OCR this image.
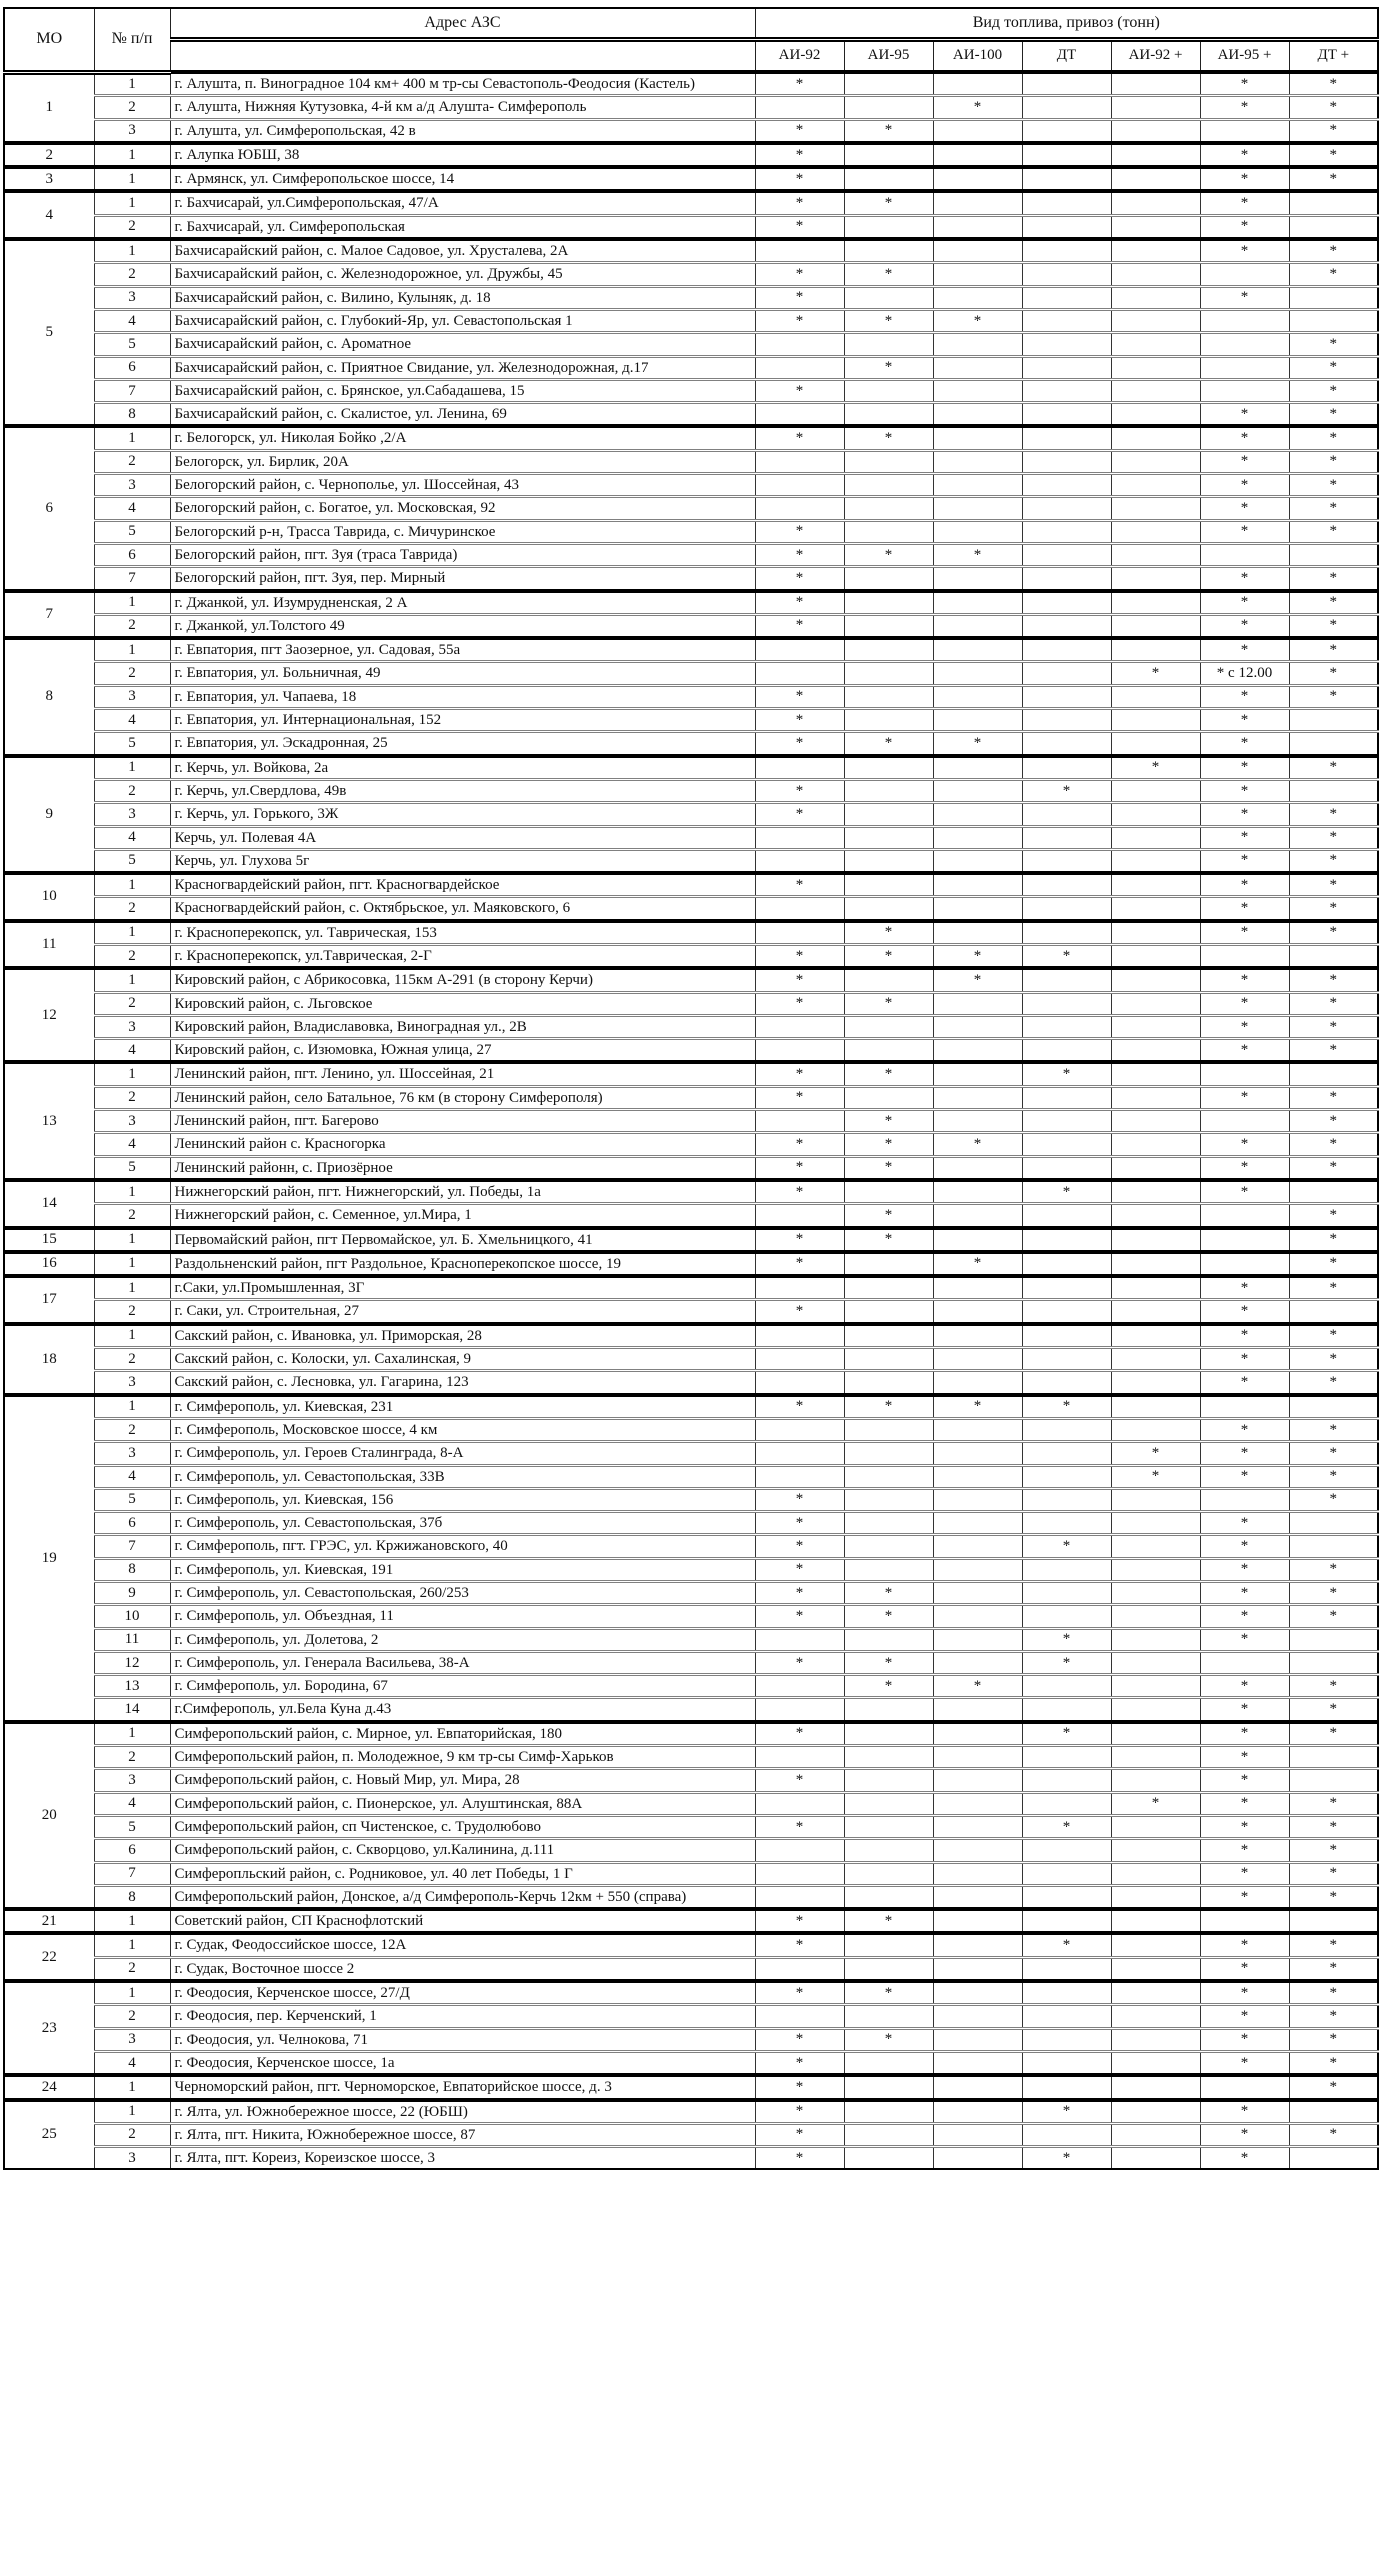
МО	№ п/п	Адрес АЗС	Вид топлива, привоз (тонн)						
			АИ-92	АИ-95	АИ-100	ДТ	АИ-92 +	АИ-95 +	ДТ +
1	1	г. Алушта, п. Виноградное 104 км+ 400 м тр-сы Севастополь-Феодосия (Кастель)	*					*	*
	2	г. Алушта, Нижняя Кутузовка, 4-й км а/д Алушта- Симферополь			*			*	*
	3	г. Алушта, ул. Симферопольская, 42 в	*	*					*
2	1	г. Алупка ЮБШ, 38	*					*	*
3	1	г. Армянск, ул. Симферопольское шоссе, 14	*					*	*
4	1	г. Бахчисарай, ул.Симферопольская, 47/А	*	*				*	
	2	г. Бахчисарай, ул. Симферопольская	*					*	
5	1	Бахчисарайский район, с. Малое Садовое, ул. Хрусталева, 2А						*	*
	2	Бахчисарайский район, с. Железнодорожное, ул. Дружбы, 45	*	*					*
	3	Бахчисарайский район, с. Вилино, Кулыняк, д. 18	*					*	
	4	Бахчисарайский район, с. Глубокий-Яр, ул. Севастопольская 1	*	*	*				
	5	Бахчисарайский район, с. Ароматное							*
	6	Бахчисарайский район, с. Приятное Свидание, ул. Железнодорожная, д.17		*					*
	7	Бахчисарайский район, с. Брянское, ул.Сабадашева, 15	*						*
	8	Бахчисарайский район, с. Скалистое, ул. Ленина, 69						*	*
6	1	г. Белогорск, ул. Николая Бойко ,2/А	*	*				*	*
	2	Белогорск, ул. Бирлик, 20А						*	*
	3	Белогорский район, с. Чернополье, ул. Шоссейная, 43						*	*
	4	Белогорский район, с. Богатое, ул. Московская, 92						*	*
	5	Белогорский р-н, Трасса Таврида, с. Мичуринское	*					*	*
	6	Белогорский район, пгт. Зуя (траса Таврида)	*	*	*				
	7	Белогорский район, пгт. Зуя, пер. Мирный	*					*	*
7	1	г. Джанкой, ул. Изумрудненская, 2 А	*					*	*
	2	г. Джанкой, ул.Толстого 49	*					*	*
8	1	г. Евпатория, пгт Заозерное, ул. Садовая, 55а						*	*
	2	г. Евпатория, ул. Больничная, 49					*	* с 12.00	*
	3	г. Евпатория, ул. Чапаева, 18	*					*	*
	4	г. Евпатория, ул. Интернациональная, 152	*					*	
	5	г. Евпатория, ул. Эскадронная, 25	*	*	*			*	
9	1	г. Керчь, ул. Войкова, 2а					*	*	*
	2	г. Керчь, ул.Свердлова, 49в	*			*		*	
	3	г. Керчь, ул. Горького, 3Ж	*					*	*
	4	Керчь, ул. Полевая 4А						*	*
	5	Керчь, ул. Глухова 5г						*	*
10	1	Красногвардейский район, пгт. Красногвардейское	*					*	*
	2	Красногвардейский район, с. Октябрьское, ул. Маяковского, 6						*	*
11	1	г. Красноперекопск, ул. Таврическая, 153		*				*	*
	2	г. Красноперекопск, ул.Таврическая, 2-Г	*	*	*	*			
12	1	Кировский район, с Абрикосовка, 115км А-291 (в сторону Керчи)	*		*			*	*
	2	Кировский район, с. Льговское	*	*				*	*
	3	Кировский район, Владиславовка, Виноградная ул., 2В						*	*
	4	Кировский район, с. Изюмовка, Южная улица, 27						*	*
13	1	Ленинский район, пгт. Ленино, ул. Шоссейная, 21	*	*		*			
	2	Ленинский район, село Батальное, 76 км (в сторону Симферополя)	*					*	*
	3	Ленинский район, пгт. Багерово		*					*
	4	Ленинский район с. Красногорка	*	*	*			*	*
	5	Ленинский районн, с. Приозёрное	*	*				*	*
14	1	Нижнегорский район, пгт. Нижнегорский, ул. Победы, 1а	*			*		*	
	2	Нижнегорский район, с. Семенное, ул.Мира, 1		*					*
15	1	Первомайский район, пгт Первомайское, ул. Б. Хмельницкого, 41	*	*					*
16	1	Раздольненский район, пгт Раздольное, Красноперекопское шоссе, 19	*		*				*
17	1	г.Саки, ул.Промышленная, 3Г						*	*
	2	г. Саки, ул. Строительная, 27	*					*	
18	1	Сакский район, с. Ивановка, ул. Приморская, 28						*	*
	2	Сакский район, с. Колоски, ул. Сахалинская, 9						*	*
	3	Сакский район, с. Лесновка, ул. Гагарина, 123						*	*
19	1	г. Симферополь, ул. Киевская, 231	*	*	*	*			
	2	г. Симферополь, Московское шоссе, 4 км						*	*
	3	г. Симферополь, ул. Героев Сталинграда, 8-А					*	*	*
	4	г. Симферополь, ул. Севастопольская, 33В					*	*	*
	5	г. Симферополь, ул. Киевская, 156	*						*
	6	г. Симферополь, ул. Севастопольская, 37б	*					*	
	7	г. Симферополь, пгт. ГРЭС, ул. Кржижановского, 40	*			*		*	
	8	г. Симферополь, ул. Киевская, 191	*					*	*
	9	г. Симферополь, ул. Севастопольская, 260/253	*	*				*	*
	10	г. Симферополь, ул. Объездная, 11	*	*				*	*
	11	г. Симферополь, ул. Долетова, 2				*		*	
	12	г. Симферополь, ул. Генерала Васильева, 38-А	*	*		*			
	13	г. Симферополь, ул. Бородина, 67		*	*			*	*
	14	г.Симферополь, ул.Бела Куна д.43						*	*
20	1	Симферопольский район, с. Мирное, ул. Евпаторийская, 180	*			*		*	*
	2	Симферопольский район, п. Молодежное, 9 км тр-сы Симф-Харьков						*	
	3	Симферопольский район, с. Новый Мир, ул. Мира, 28	*					*	
	4	Симферопольский район, с. Пионерское, ул. Алуштинская, 88А					*	*	*
	5	Симферопольский район, сп Чистенское, с. Трудолюбово	*			*		*	*
	6	Симферопольский район, с. Скворцово, ул.Калинина, д.111						*	*
	7	Симферопльский район, с. Родниковое, ул. 40 лет Победы, 1 Г						*	*
	8	Симферопольский район, Донское, а/д Симферополь-Керчь 12км + 550 (справа)						*	*
21	1	Советский район, СП Краснофлотский	*	*					
22	1	г. Судак, Феодоссийское шоссе, 12А	*			*		*	*
	2	г. Судак, Восточное шоссе 2						*	*
23	1	г. Феодосия, Керченское шоссе, 27/Д	*	*				*	*
	2	г. Феодосия, пер. Керченский, 1						*	*
	3	г. Феодосия, ул. Челнокова, 71	*	*				*	*
	4	г. Феодосия, Керченское шоссе, 1а	*					*	*
24	1	Черноморский район, пгт. Черноморское, Евпаторийское шоссе, д. 3	*						*
25	1	г. Ялта, ул. Южнобережное шоссе, 22 (ЮБШ)	*			*		*	
	2	г. Ялта, пгт. Никита, Южнобережное шоссе, 87	*					*	*
	3	г. Ялта, пгт. Кореиз, Кореизское шоссе, 3	*			*		*	
